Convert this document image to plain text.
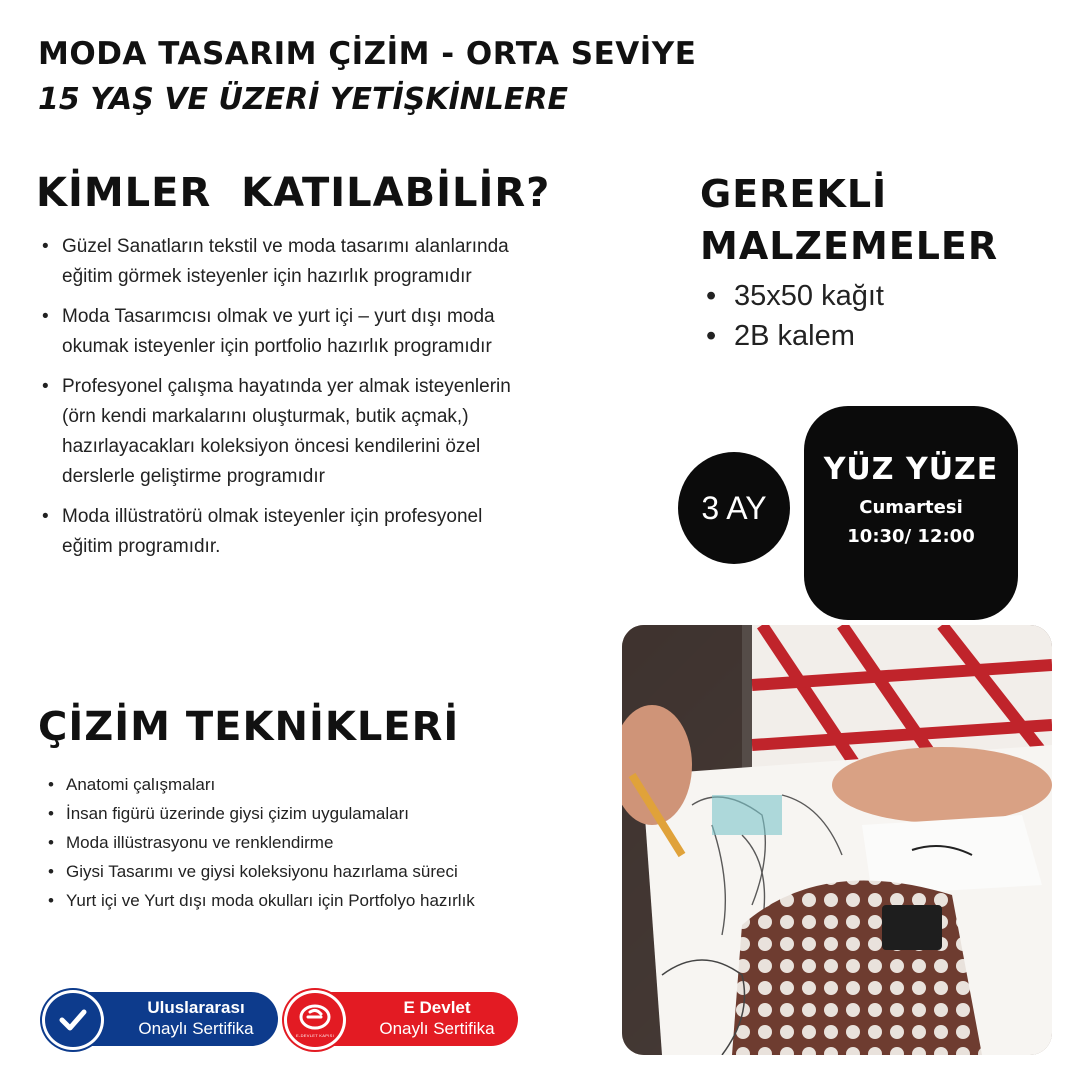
MODA TASARIM ÇİZİM - ORTA SEVİYE
15 YAŞ VE ÜZERİ YETİŞKİNLERE
KİMLER  KATILABİLİR?
• Güzel Sanatların tekstil ve moda tasarımı alanlarında eğitim görmek isteyenler için hazırlık programıdır
• Moda Tasarımcısı olmak ve yurt içi – yurt dışı moda okumak isteyenler için portfolio hazırlık programıdır
• Profesyonel çalışma hayatında yer almak isteyenlerin (örn kendi markalarını oluşturmak, butik açmak,) hazırlayacakları koleksiyon öncesi kendilerini özel derslerle geliştirme programıdır
• Moda illüstratörü olmak isteyenler için profesyonel eğitim programıdır.
GEREKLİ
MALZEMELER
• 35x50 kağıt
• 2B kalem
3 AY
YÜZ YÜZE
Cumartesi
10:30/ 12:00
ÇİZİM TEKNİKLERİ
• Anatomi çalışmaları
• İnsan figürü üzerinde giysi çizim uygulamaları
• Moda illüstrasyonu ve renklendirme
• Giysi Tasarımı ve giysi koleksiyonu hazırlama süreci
• Yurt içi ve Yurt dışı moda okulları için Portfolyo hazırlık
Uluslararası
Onaylı Sertifika
E Devlet
Onaylı Sertifika
E-DEVLET KAPISI
